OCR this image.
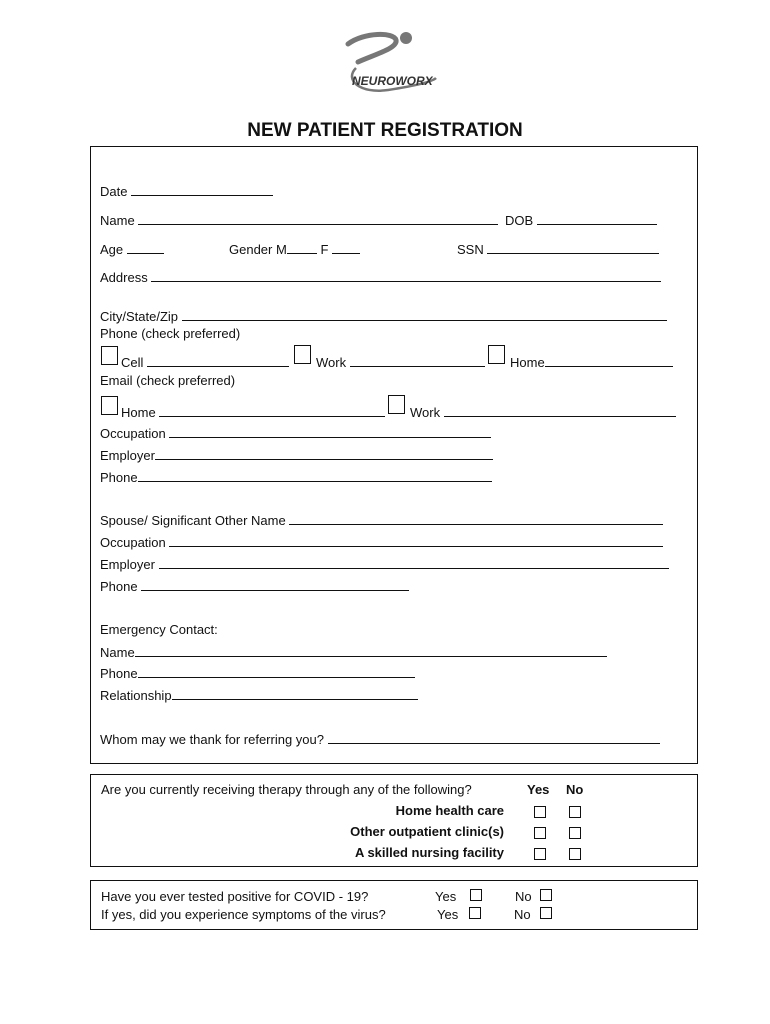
NEUROWORX
NEW PATIENT REGISTRATION
Date
Name	DOB
Age	Gender M	F	SSN
Address
City/State/Zip
Phone (check preferred)
Cell	Work	Home
Email (check preferred)
Home	Work
Occupation
Employer
Phone
Spouse/ Significant Other Name
Occupation
Employer
Phone
Emergency Contact:
Name
Phone
Relationship
Whom may we thank for referring you?
Are you currently receiving therapy through any of the following?	Yes No
Home health care
Other outpatient clinic(s)
A skilled nursing facility
Have you ever tested positive for COVID - 19?	Yes	No
If yes, did you experience symptoms of the virus?	Yes	No
